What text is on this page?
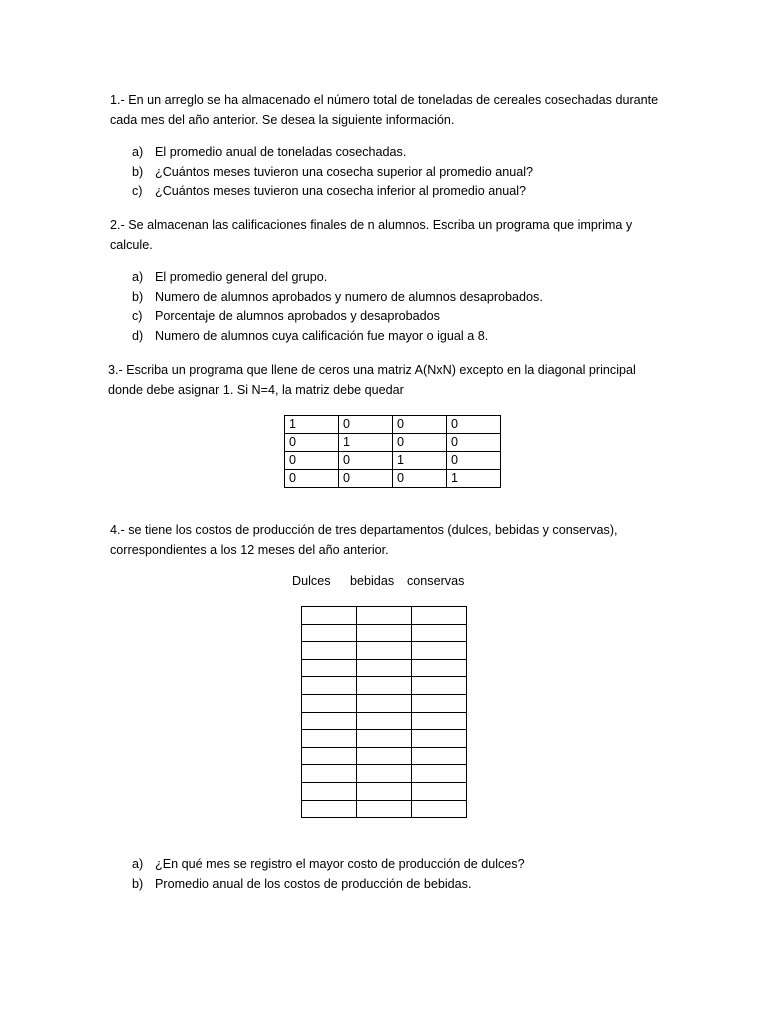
1.- En un arreglo se ha almacenado el número total de toneladas de cereales cosechadas durante cada mes del año anterior. Se desea la siguiente información.

a) El promedio anual de toneladas cosechadas.
b) ¿Cuántos meses tuvieron una cosecha superior al promedio anual?
c) ¿Cuántos meses tuvieron una cosecha inferior al promedio anual?

2.- Se almacenan las calificaciones finales de n alumnos. Escriba un programa que imprima y calcule.

a) El promedio general del grupo.
b) Numero de alumnos aprobados y numero de alumnos desaprobados.
c) Porcentaje de alumnos aprobados y desaprobados
d) Numero de alumnos cuya calificación fue mayor o igual a 8.

3.- Escriba un programa que llene de ceros una matriz A(NxN) excepto en la diagonal principal donde debe asignar 1. Si N=4, la matriz debe quedar

1	0	0	0
0	1	0	0
0	0	1	0
0	0	0	1

4.- se tiene los costos de producción de tres departamentos (dulces, bebidas y conservas), correspondientes a los 12 meses del año anterior.

Dulces bebidas conservas

a) ¿En qué mes se registro el mayor costo de producción de dulces?
b) Promedio anual de los costos de producción de bebidas.
